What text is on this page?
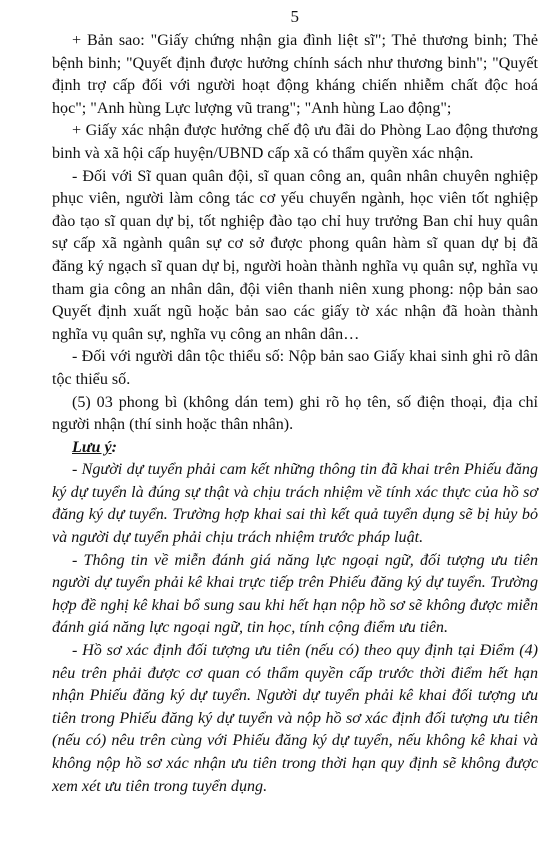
5

+ Bản sao: "Giấy chứng nhận gia đình liệt sĩ"; Thẻ thương binh; Thẻ bệnh binh; "Quyết định được hưởng chính sách như thương binh"; "Quyết định trợ cấp đối với người hoạt động kháng chiến nhiễm chất độc hoá học"; "Anh hùng Lực lượng vũ trang"; "Anh hùng Lao động";

+ Giấy xác nhận được hưởng chế độ ưu đãi do Phòng Lao động thương binh và xã hội cấp huyện/UBND cấp xã có thẩm quyền xác nhận.

- Đối với Sĩ quan quân đội, sĩ quan công an, quân nhân chuyên nghiệp phục viên, người làm công tác cơ yếu chuyển ngành, học viên tốt nghiệp đào tạo sĩ quan dự bị, tốt nghiệp đào tạo chỉ huy trưởng Ban chỉ huy quân sự cấp xã ngành quân sự cơ sở được phong quân hàm sĩ quan dự bị đã đăng ký ngạch sĩ quan dự bị, người hoàn thành nghĩa vụ quân sự, nghĩa vụ tham gia công an nhân dân, đội viên thanh niên xung phong: nộp bản sao Quyết định xuất ngũ hoặc bản sao các giấy tờ xác nhận đã hoàn thành nghĩa vụ quân sự, nghĩa vụ công an nhân dân…

- Đối với người dân tộc thiểu số: Nộp bản sao Giấy khai sinh ghi rõ dân tộc thiểu số.

(5) 03 phong bì (không dán tem) ghi rõ họ tên, số điện thoại, địa chỉ người nhận (thí sinh hoặc thân nhân).

Lưu ý:

- Người dự tuyển phải cam kết những thông tin đã khai trên Phiếu đăng ký dự tuyển là đúng sự thật và chịu trách nhiệm về tính xác thực của hồ sơ đăng ký dự tuyển. Trường hợp khai sai thì kết quả tuyển dụng sẽ bị hủy bỏ và người dự tuyển phải chịu trách nhiệm trước pháp luật.

- Thông tin về miễn đánh giá năng lực ngoại ngữ, đối tượng ưu tiên người dự tuyển phải kê khai trực tiếp trên Phiếu đăng ký dự tuyển. Trường hợp đề nghị kê khai bổ sung sau khi hết hạn nộp hồ sơ sẽ không được miễn đánh giá năng lực ngoại ngữ, tin học, tính cộng điểm ưu tiên.

- Hồ sơ xác định đối tượng ưu tiên (nếu có) theo quy định tại Điểm (4) nêu trên phải được cơ quan có thẩm quyền cấp trước thời điểm hết hạn nhận Phiếu đăng ký dự tuyển. Người dự tuyển phải kê khai đối tượng ưu tiên trong Phiếu đăng ký dự tuyển và nộp hồ sơ xác định đối tượng ưu tiên (nếu có) nêu trên cùng với Phiếu đăng ký dự tuyển, nếu không kê khai và không nộp hồ sơ xác nhận ưu tiên trong thời hạn quy định sẽ không được xem xét ưu tiên trong tuyển dụng.
